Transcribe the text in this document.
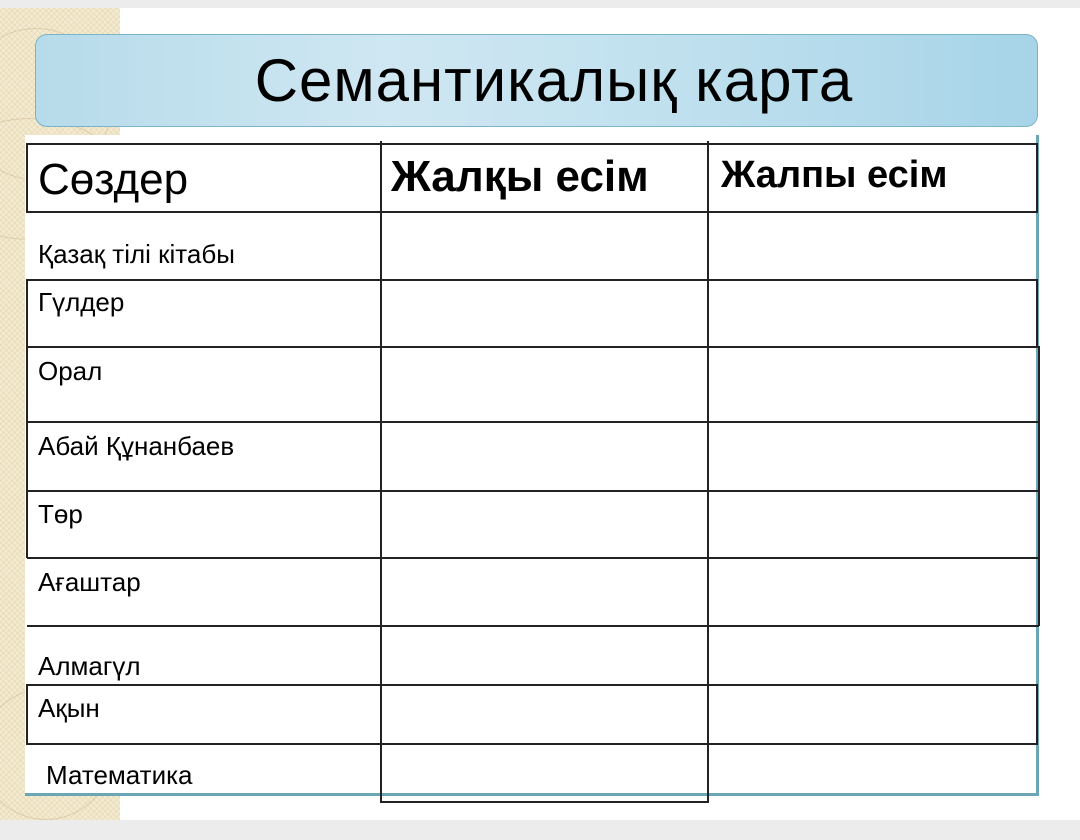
Семантикалық карта
Сөздер	Жалқы есім Жалпы есім
Қазақ тілі кітабы
Гүлдер
Орал
Абай Құнанбаев
Төр
Ағаштар
Алмагүл
Ақын
Математика
